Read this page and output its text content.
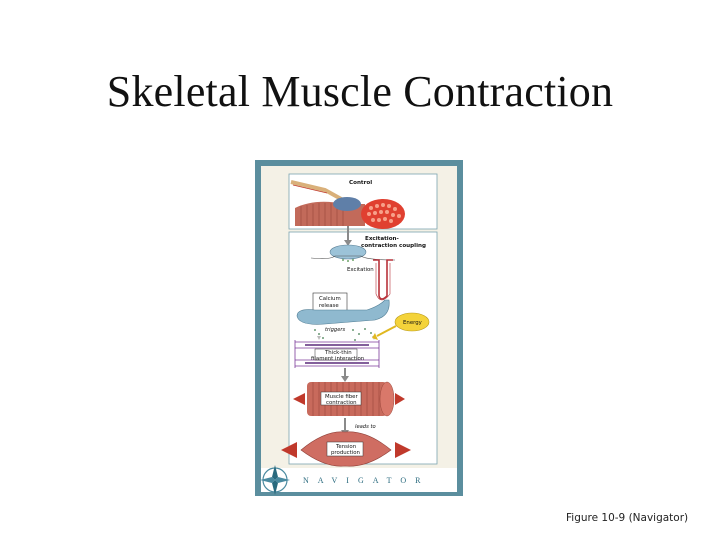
Skeletal Muscle Contraction
Control
Excitation-
contraction coupling
Excitation
Calcium
release
triggers
Energy
Thick-thin
filament interaction
Muscle fiber
contraction
leads to
Tension
production
NAVIGATOR
Figure 10-9 (Navigator)
